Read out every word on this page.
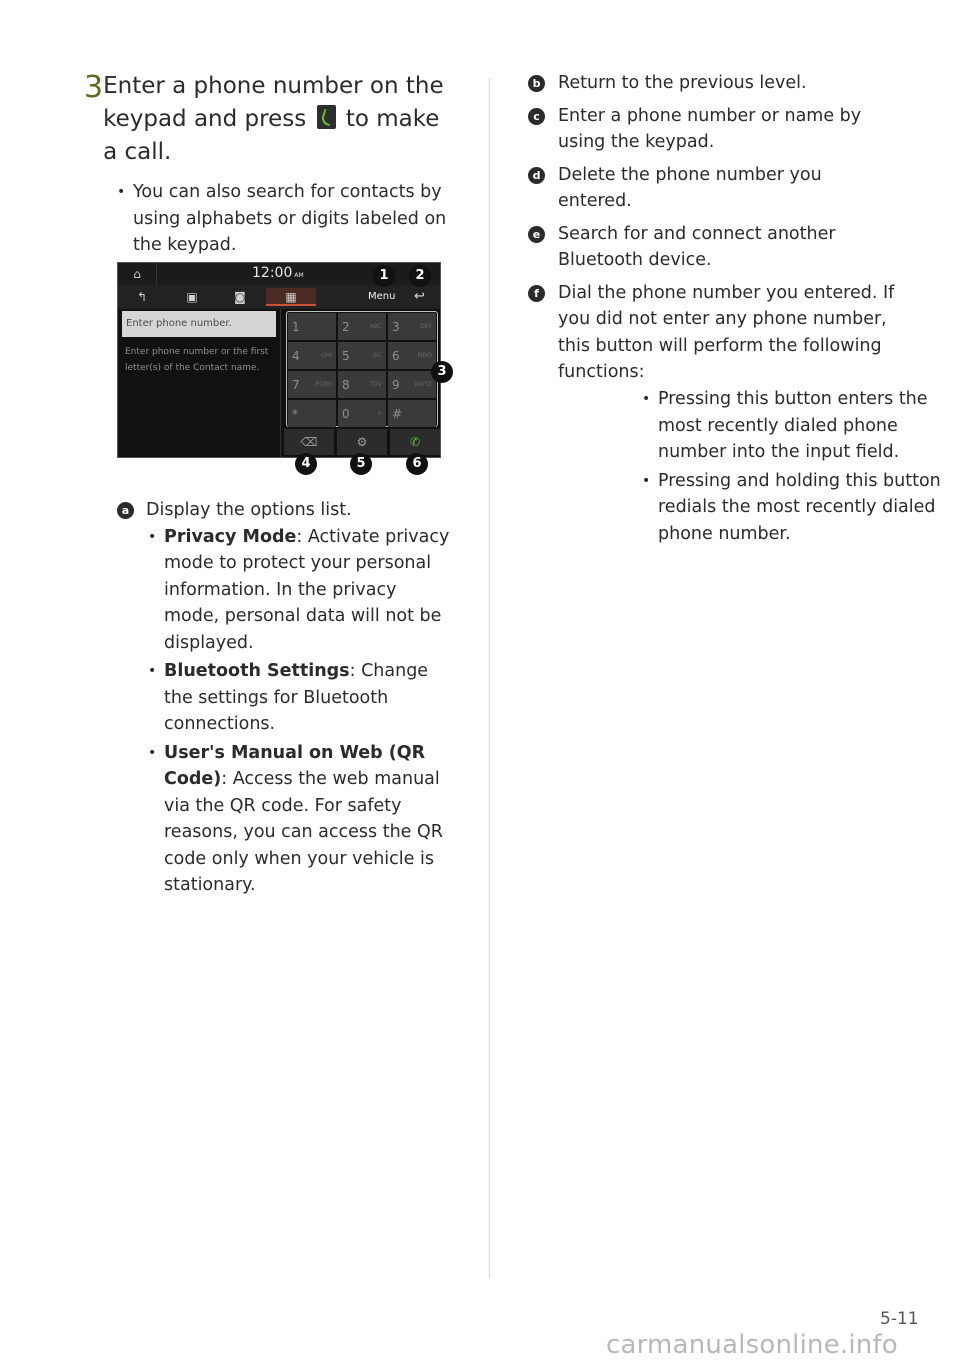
3 Enter a phone number on the keypad and press to make a call.
• You can also search for contacts by using alphabets or digits labeled on the keypad.
⌂	12:00 AM
↰	▣	◙	▦	Menu ↩
Enter phone number.
Enter phone number or the first letter(s) of the Contact name.
1	2	ABC 3	DEF
4	GHI 5	JKL 6	MNO
7	PQRS 8	TUV 9 WXYZ
*	0	+ #
⌫	⚙	✆
1	2
3
4	5	6
a Display the options list.
• Privacy Mode: Activate privacy mode to protect your personal information. In the privacy mode, personal data will not be displayed.
• Bluetooth Settings: Change the settings for Bluetooth connections.
• User's Manual on Web (QR Code): Access the web manual via the QR code. For safety reasons, you can access the QR code only when your vehicle is stationary.
b Return to the previous level.
c Enter a phone number or name by using the keypad.
d Delete the phone number you entered.
e Search for and connect another Bluetooth device.
f	Dial the phone number you entered. If you did not enter any phone number, this button will perform the following functions:
• Pressing this button enters the most recently dialed phone number into the input field.
• Pressing and holding this button redials the most recently dialed phone number.
5-11
carmanualsonline.info
